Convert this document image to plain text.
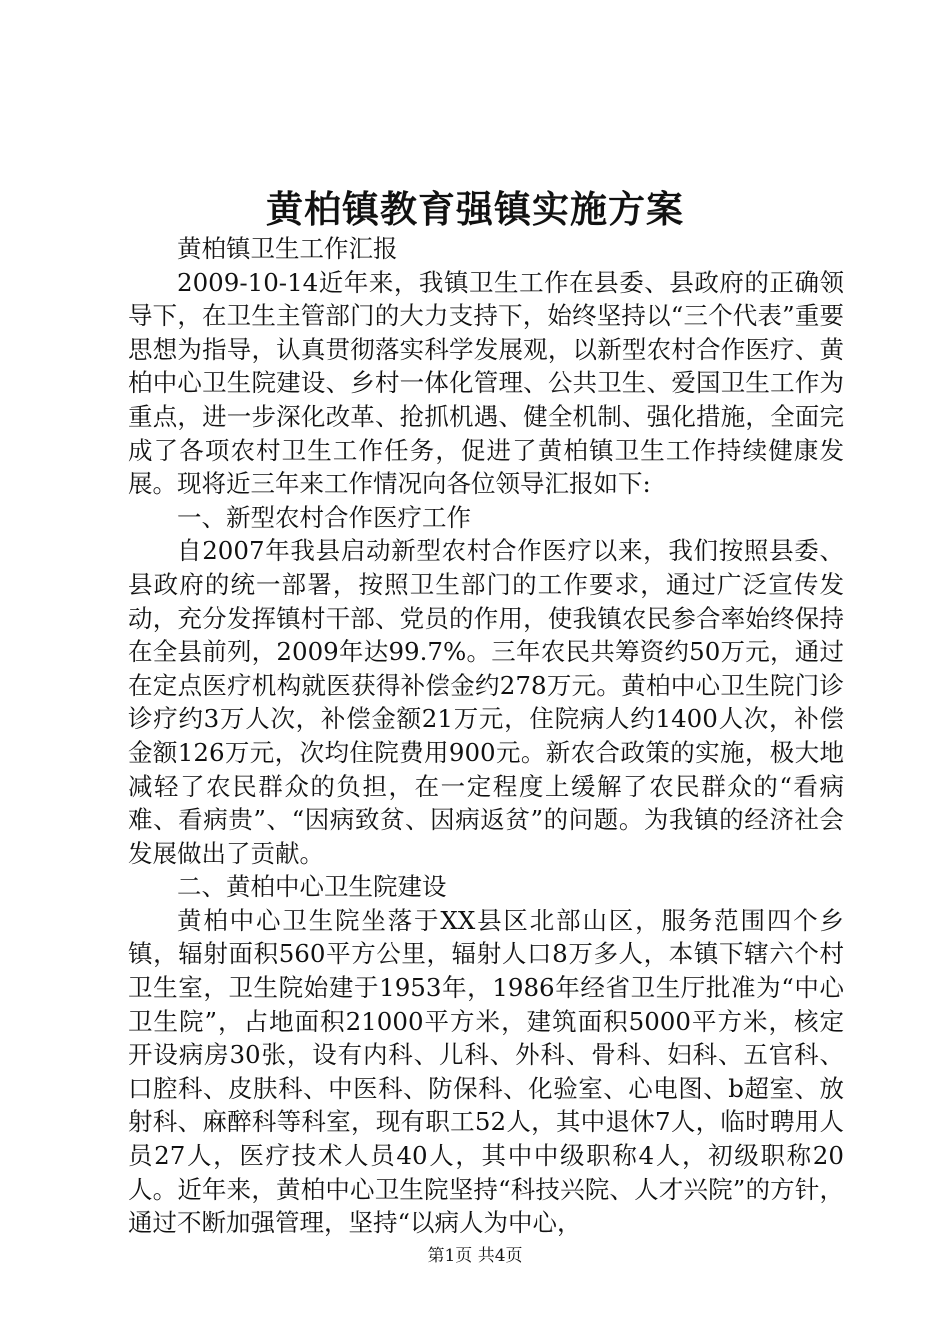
黄柏镇教育强镇实施方案

黄柏镇卫生工作汇报

2009-10-14近年来，我镇卫生工作在县委、县政府的正确领导下，在卫生主管部门的大力支持下，始终坚持以“三个代表”重要思想为指导，认真贯彻落实科学发展观，以新型农村合作医疗、黄柏中心卫生院建设、乡村一体化管理、公共卫生、爱国卫生工作为重点，进一步深化改革、抢抓机遇、健全机制、强化措施，全面完成了各项农村卫生工作任务，促进了黄柏镇卫生工作持续健康发展。现将近三年来工作情况向各位领导汇报如下:

一、新型农村合作医疗工作

自2007年我县启动新型农村合作医疗以来，我们按照县委、县政府的统一部署，按照卫生部门的工作要求，通过广泛宣传发动，充分发挥镇村干部、党员的作用，使我镇农民参合率始终保持在全县前列，2009年达99.7%。三年农民共筹资约50万元，通过在定点医疗机构就医获得补偿金约278万元。黄柏中心卫生院门诊诊疗约3万人次，补偿金额21万元，住院病人约1400人次，补偿金额126万元，次均住院费用900元。新农合政策的实施，极大地减轻了农民群众的负担，在一定程度上缓解了农民群众的“看病难、看病贵”、“因病致贫、因病返贫”的问题。为我镇的经济社会发展做出了贡献。

二、黄柏中心卫生院建设

黄柏中心卫生院坐落于XX县区北部山区，服务范围四个乡镇，辐射面积560平方公里，辐射人口8万多人，本镇下辖六个村卫生室，卫生院始建于1953年，1986年经省卫生厅批准为“中心卫生院”，占地面积21000平方米，建筑面积5000平方米，核定开设病房30张，设有内科、儿科、外科、骨科、妇科、五官科、口腔科、皮肤科、中医科、防保科、化验室、心电图、b超室、放射科、麻醉科等科室，现有职工52人，其中退休7人，临时聘用人员27人，医疗技术人员40人，其中中级职称4人，初级职称20人。近年来，黄柏中心卫生院坚持“科技兴院、人才兴院”的方针，通过不断加强管理，坚持“以病人为中心，

第1页 共4页
